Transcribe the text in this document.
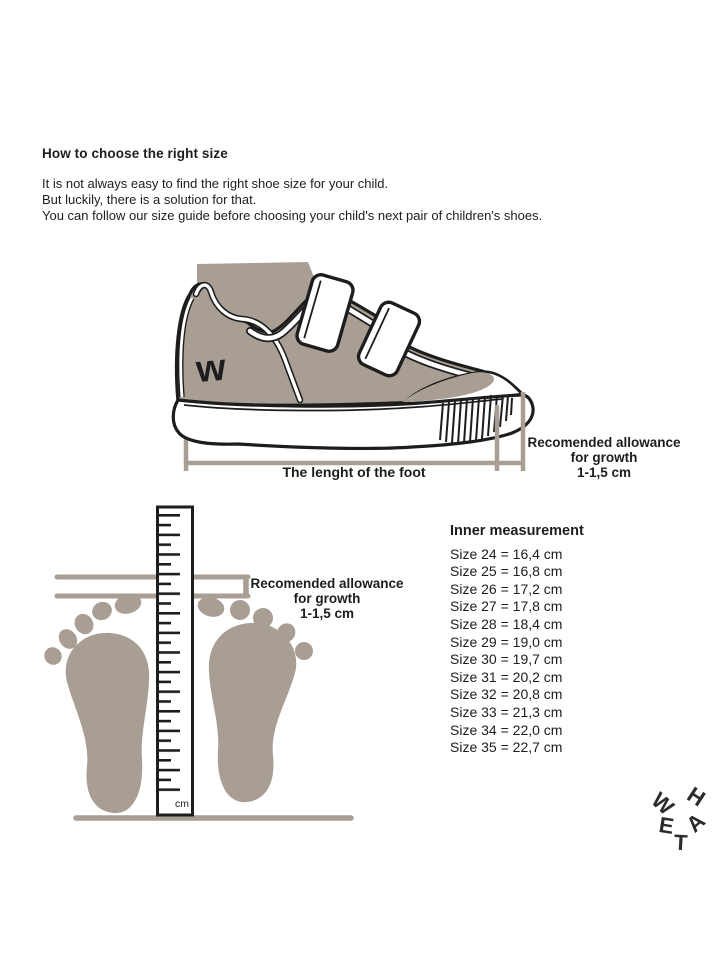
How to choose the right size
It is not always easy to find the right shoe size for your child.
But luckily, there is a solution for that.
You can follow our size guide before choosing your child's next pair of children's shoes.
w
The lenght of the foot
Recomended allowance
for growth
1-1,5 cm
cm
Recomended allowance
for growth
1-1,5 cm
Inner measurement
Size 24 = 16,4 cm
Size 25 = 16,8 cm
Size 26 = 17,2 cm
Size 27 = 17,8 cm
Size 28 = 18,4 cm
Size 29 = 19,0 cm
Size 30 = 19,7 cm
Size 31 = 20,2 cm
Size 32 = 20,8 cm
Size 33 = 21,3 cm
Size 34 = 22,0 cm
Size 35 = 22,7 cm
W H
E A
T
